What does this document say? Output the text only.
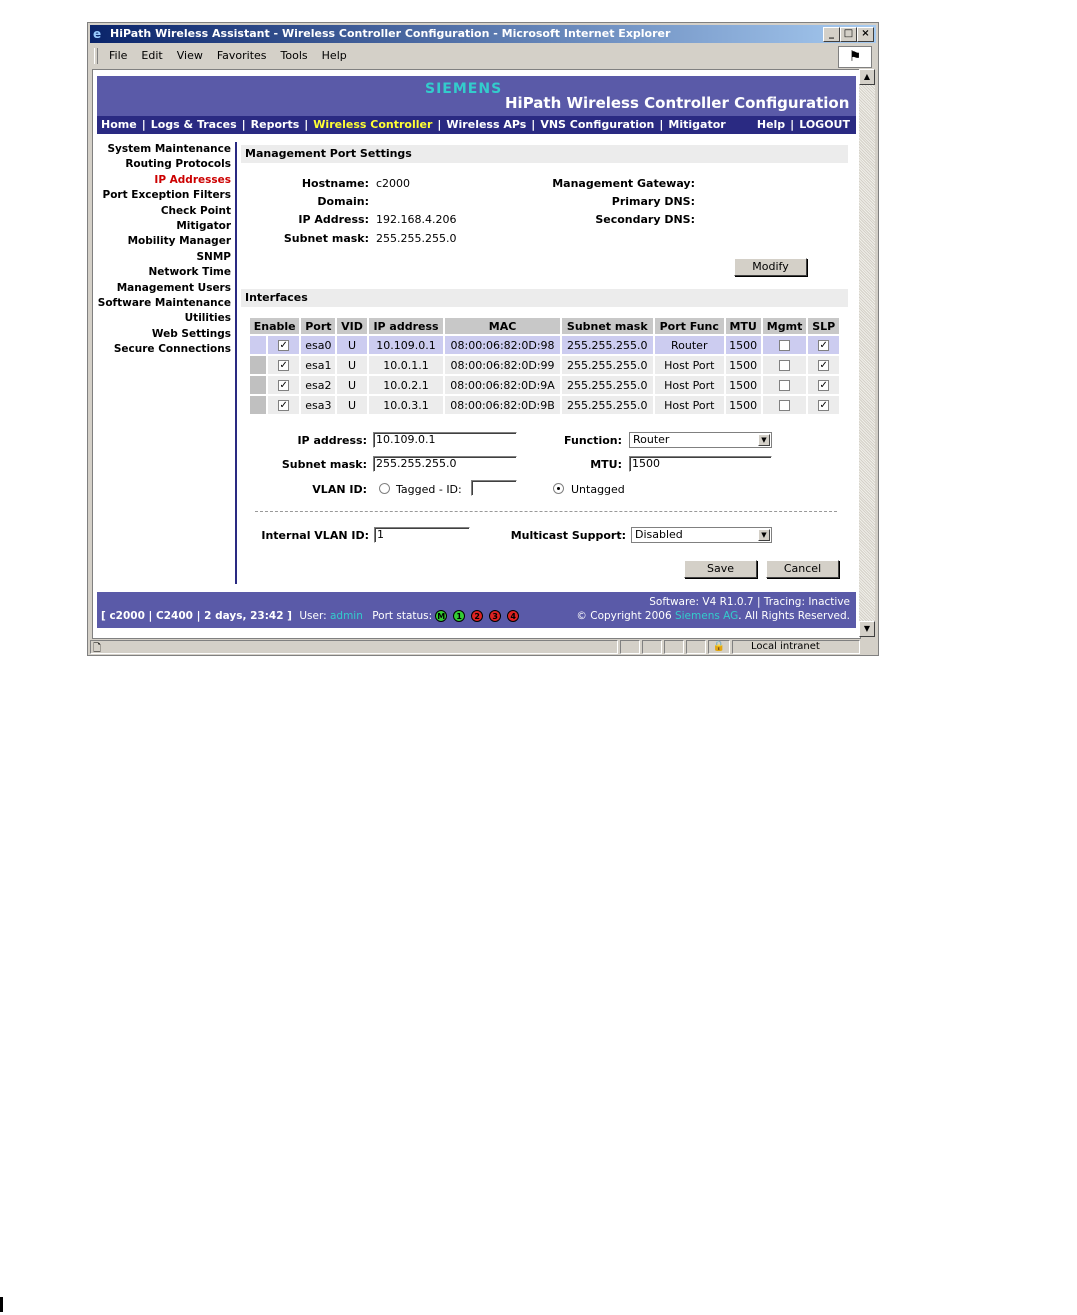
e HiPath Wireless Assistant - Wireless Controller Configuration - Microsoft Internet Explorer	_ □ ×
File Edit View Favorites Tools Help	⚑
SIEMENS
HiPath Wireless Controller Configuration
Home | Logs & Traces | Reports | Wireless Controller | Wireless APs | VNS Configuration | Mitigator	Help | LOGOUT
System Maintenance
Routing Protocols
IP Addresses
Port Exception Filters
Check Point
Mitigator
Mobility Manager
SNMP
Network Time
Management Users
Software Maintenance
Utilities
Web Settings
Secure Connections
Management Port Settings
Hostname: c2000
Domain:
IP Address: 192.168.4.206
Subnet mask: 255.255.255.0
Management Gateway:
Primary DNS:
Secondary DNS:
Modify
Interfaces
Enable		Port	VID	IP address	MAC	Subnet mask	Port Func	MTU	Mgmt	SLP
	✓	esa0	U	10.109.0.1	08:00:06:82:0D:98	255.255.255.0	Router	1500		✓
	✓	esa1	U	10.0.1.1	08:00:06:82:0D:99	255.255.255.0	Host Port	1500		✓
	✓	esa2	U	10.0.2.1	08:00:06:82:0D:9A	255.255.255.0	Host Port	1500		✓
	✓	esa3	U	10.0.3.1	08:00:06:82:0D:9B	255.255.255.0	Host Port	1500		✓
IP address: 10.109.0.1
Subnet mask: 255.255.255.0
VLAN ID:	Tagged - ID:	Untagged
Function:	Router	▼
MTU: 1500
Internal VLAN ID: 1	Multicast Support: Disabled	▼
Save	Cancel
Software: V4 R1.0.7 | Tracing: Inactive
[ c2000 | C2400 | 2 days, 23:42 ] User: admin Port status: M 1 2 3 4	© Copyright 2006 Siemens AG. All Rights Reserved.
▲
▼
🗋	🔒	Local intranet
